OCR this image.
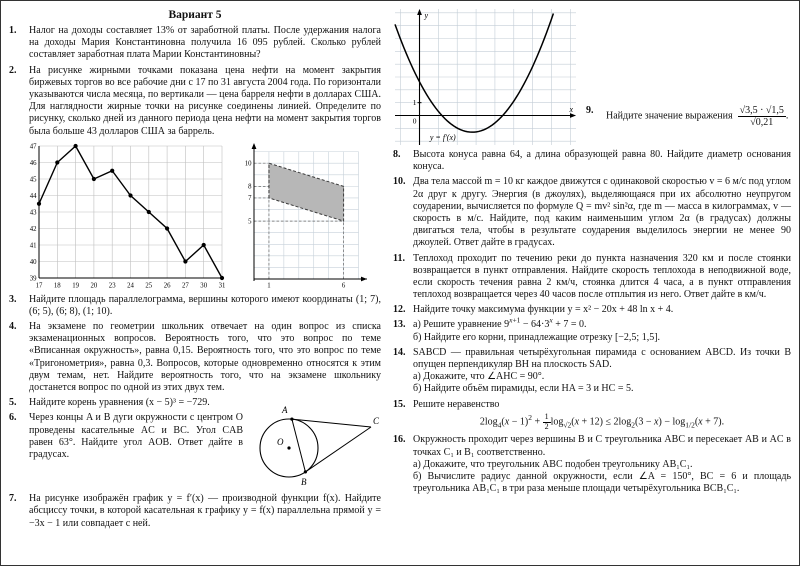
Вариант 5
1.	Налог на доходы составляет 13% от заработной платы. После удержания налога на доходы Мария Константиновна получила 16 095 рублей. Сколько рублей составляет заработная плата Марии Константиновны?
2.	На рисунке жирными точками показана цена нефти на момент закрытия биржевых торгов во все рабочие дни с 17 по 31 августа 2004 года. По горизонтали указываются числа месяца, по вертикали — цена барреля нефти в долларах США. Для наглядности жирные точки на рисунке соединены линией. Определите по рисунку, сколько дней из данного периода цена нефти на момент закрытия торгов была больше 43 долларов США за баррель.
39
40
41
42
43
44
45
46
47
17 18 19 20 23 24 25 26 27 30 31
5
7
8
10
1	6
3.	Найдите площадь параллелограмма, вершины которого имеют координаты (1; 7), (6; 5), (6; 8), (1; 10).
4.	На экзамене по геометрии школьник отвечает на один вопрос из списка экзаменационных вопросов. Вероятность того, что это вопрос по теме «Вписанная окружность», равна 0,15. Вероятность того, что это вопрос по теме «Тригонометрия», равна 0,3. Вопросов, которые одновременно относятся к этим двум темам, нет. Найдите вероятность того, что на экзамене школьнику достанется вопрос по одной из этих двух тем.
5.	Найдите корень уравнения (x − 5)³ = −729.
6.	Через концы A и B дуги окружности с центром O проведены касательные AC и BC. Угол CAB равен 63°. Найдите угол AOB. Ответ дайте в градусах.
A
B
C
O
7.	На рисунке изображён график y = f′(x) — производной функции f(x). Найдите абсциссу точки, в которой касательная к графику y = f(x) параллельна прямой y = −3x − 1 или совпадает с ней.
0
1
y
x
y = f′(x)
9.	Найдите значение выражения $\frac{√3,5 \cdot √1,5}{√0,21}$ .
8.	Высота конуса равна 64, а длина образующей равна 80. Найдите диаметр основания конуса.
10. Два тела массой m = 10 кг каждое движутся с одинаковой скоростью v = 6 м/с под углом 2α друг к другу. Энергия (в джоулях), выделяющаяся при их абсолютно неупругом соударении, вычисляется по формуле Q = mv² sin²α, где m — масса в килограммах, v — скорость в м/с. Найдите, под каким наименьшим углом 2α (в градусах) должны двигаться тела, чтобы в результате соударения выделилось энергии не менее 90 джоулей. Ответ дайте в градусах.
11. Теплоход проходит по течению реки до пункта назначения 320 км и после стоянки возвращается в пункт отправления. Найдите скорость теплохода в неподвижной воде, если скорость течения равна 2 км/ч, стоянка длится 4 часа, а в пункт отправления теплоход возвращается через 40 часов после отплытия из него. Ответ дайте в км/ч.
12. Найдите точку максимума функции y = x² − 20x + 48 ln x + 4.
13. а) Решите уравнение $9^{x+1} - 64\cdot 3^x + 7 = 0$.
б) Найдите его корни, принадлежащие отрезку [−2,5; 1,5].
14. SABCD — правильная четырёхугольная пирамида с основанием ABCD. Из точки B опущен перпендикуляр BH на плоскость SAD.
а) Докажите, что ∠AHC = 90°.
б) Найдите объём пирамиды, если HA = 3 и HC = 5.
15. Решите неравенство
$2\log_4(x - 1)^2 + \frac{1}{2} \log_{√2}(x + 12) \le 2\log_2(3 - x) - \log_{1/2}(x + 7)$.
16. Окружность проходит через вершины B и C треугольника ABC и пересекает AB и AC в точках C₁ и B₁ соответственно.
а) Докажите, что треугольник ABC подобен треугольнику AB₁C₁.
б) Вычислите радиус данной окружности, если ∠A = 150°, BC = 6 и площадь треугольника AB₁C₁ в три раза меньше площади четырёхугольника BCB₁C₁.
